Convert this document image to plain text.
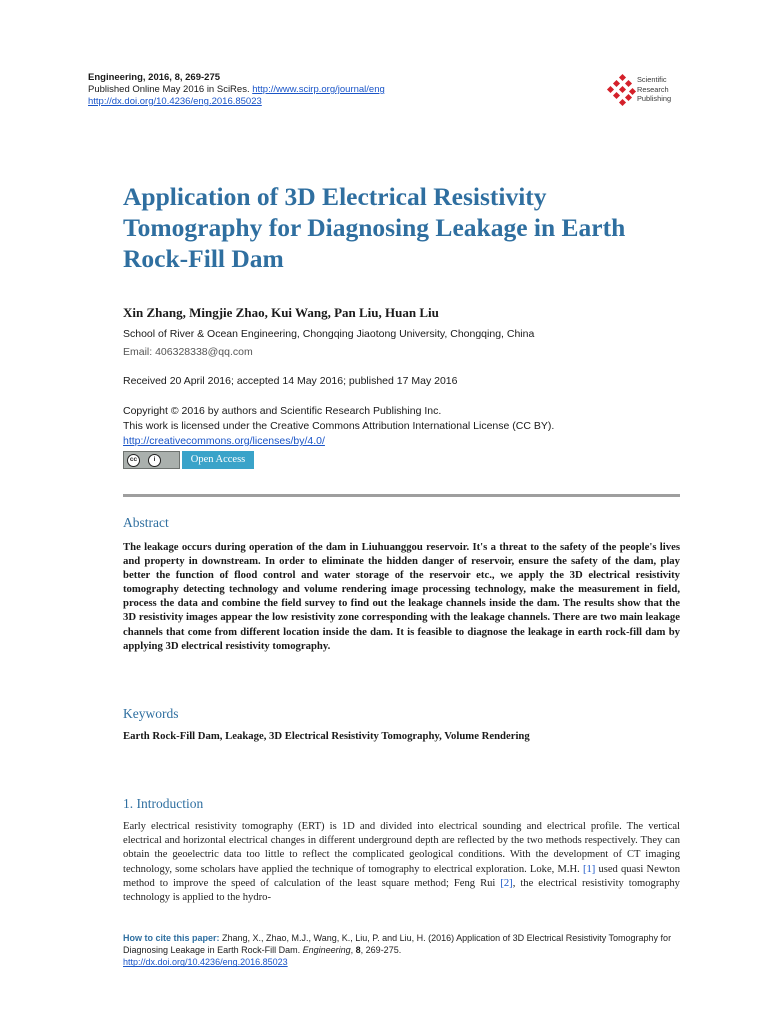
Engineering, 2016, 8, 269-275
Published Online May 2016 in SciRes. http://www.scirp.org/journal/eng
http://dx.doi.org/10.4236/eng.2016.85023
Scientific
Research
Publishing
Application of 3D Electrical Resistivity Tomography for Diagnosing Leakage in Earth Rock-Fill Dam
Xin Zhang, Mingjie Zhao, Kui Wang, Pan Liu, Huan Liu
School of River & Ocean Engineering, Chongqing Jiaotong University, Chongqing, China
Email: 406328338@qq.com
Received 20 April 2016; accepted 14 May 2016; published 17 May 2016
Copyright © 2016 by authors and Scientific Research Publishing Inc.
This work is licensed under the Creative Commons Attribution International License (CC BY).
http://creativecommons.org/licenses/by/4.0/
cc	i	Open Access
Abstract

The leakage occurs during operation of the dam in Liuhuanggou reservoir. It's a threat to the safety of the people's lives and property in downstream. In order to eliminate the hidden danger of reservoir, ensure the safety of the dam, play better the function of flood control and water storage of the reservoir etc., we apply the 3D electrical resistivity tomography detecting technology and volume rendering image processing technology, make the measurement in field, process the data and combine the field survey to find out the leakage channels inside the dam. The results show that the 3D resistivity images appear the low resistivity zone corresponding with the leakage channels. There are two main leakage channels that come from different location inside the dam. It is feasible to diagnose the leakage in earth rock-fill dam by applying 3D electrical resistivity tomography.

Keywords
Earth Rock-Fill Dam, Leakage, 3D Electrical Resistivity Tomography, Volume Rendering
1. Introduction

Early electrical resistivity tomography (ERT) is 1D and divided into electrical sounding and electrical profile. The vertical electrical and horizontal electrical changes in different underground depth are reflected by the two methods respectively. They can obtain the geoelectric data too little to reflect the complicated geological conditions. With the development of CT imaging technology, some scholars have applied the technique of tomography to electrical exploration. Loke, M.H. [1] used quasi Newton method to improve the speed of calculation of the least square method; Feng Rui [2], the electrical resistivity tomography technology is applied to the hydro-

How to cite this paper: Zhang, X., Zhao, M.J., Wang, K., Liu, P. and Liu, H. (2016) Application of 3D Electrical Resistivity Tomography for Diagnosing Leakage in Earth Rock-Fill Dam. Engineering, 8, 269-275.
http://dx.doi.org/10.4236/eng.2016.85023
